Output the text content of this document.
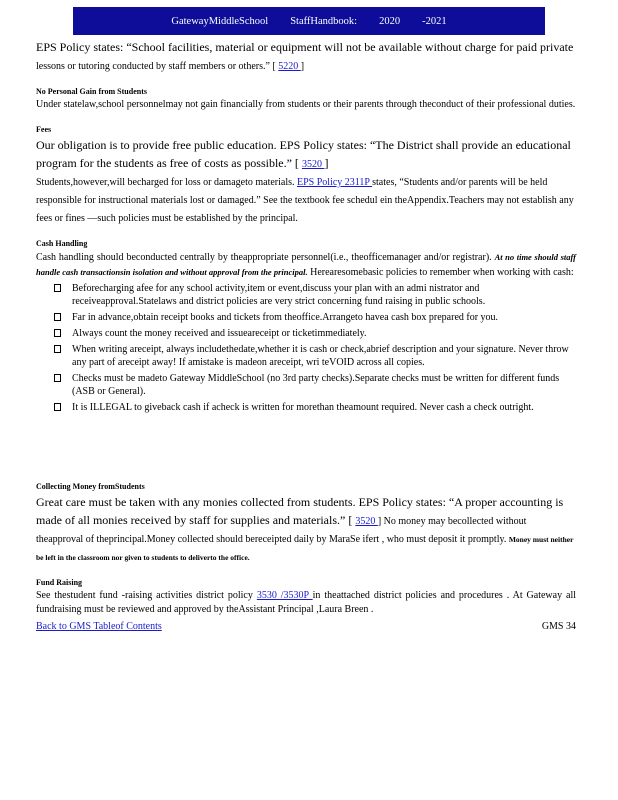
GatewayMiddleSchool StaffHandbook: 2020 -2021

EPS Policy states: “School facilities, material or equipment will not be available without charge for paid private
lessons or tutoring conducted by staff members or others.” [ 5220 ]

No Personal Gain from Students

Under statelaw,school personnelmay not gain financially from students or their parents through theconduct of their professional duties.

Fees

Our obligation is to provide free public education. EPS Policy states: “The District shall provide an educational program for the students as free of costs as possible.” [ 3520 ]
Students,however,will becharged for loss or damageto materials. EPS Policy 2311P states, “Students and/or parents will be held responsible for instructional materials lost or damaged.” See the textbook fee schedul ein theAppendix.Teachers may not establish any fees or fines —such policies must be established by the principal.

Cash Handling

Cash handling should beconducted centrally by theappropriate personnel(i.e., theofficemanager and/or registrar). At no time should staff handle cash transactionsin isolation and without approval from the principal. Herearesomebasic policies to remember when working with cash:

Beforecharging afee for any school activity,item or event,discuss your plan with an admi nistrator and receiveapproval.Statelaws and district policies are very strict concerning fund raising in public schools.
Far in advance,obtain receipt books and tickets from theoffice.Arrangeto havea cash box prepared for you.
Always count the money received and issueareceipt or ticketimmediately.
When writing areceipt, always includethedate,whether it is cash or check,abrief description and your signature. Never throw any part of areceipt away! If amistake is madeon areceipt, wri teVOID across all copies.
Checks must be madeto Gateway MiddleSchool (no 3rd party checks).Separate checks must be written for different funds (ASB or General).
It is ILLEGAL to giveback cash if acheck is written for morethan theamount required. Never cash a check outright.
Collecting Money fromStudents

Great care must be taken with any monies collected from students. EPS Policy states: “A proper accounting is made of all monies received by staff for supplies and materials.” [ 3520 ] No money may becollected without theapproval of theprincipal.Money collected should bereceipted daily by MaraSe ifert , who must deposit it promptly. Money must neither be left in the classroom nor given to students to deliverto the office.

Fund Raising

See thestudent fund -raising activities district policy 3530 /3530P in theattached district policies and procedures . At Gateway all fundraising must be reviewed and approved by theAssistant Principal ,Laura Breen .

Back to GMS Tableof Contents	GMS 34
